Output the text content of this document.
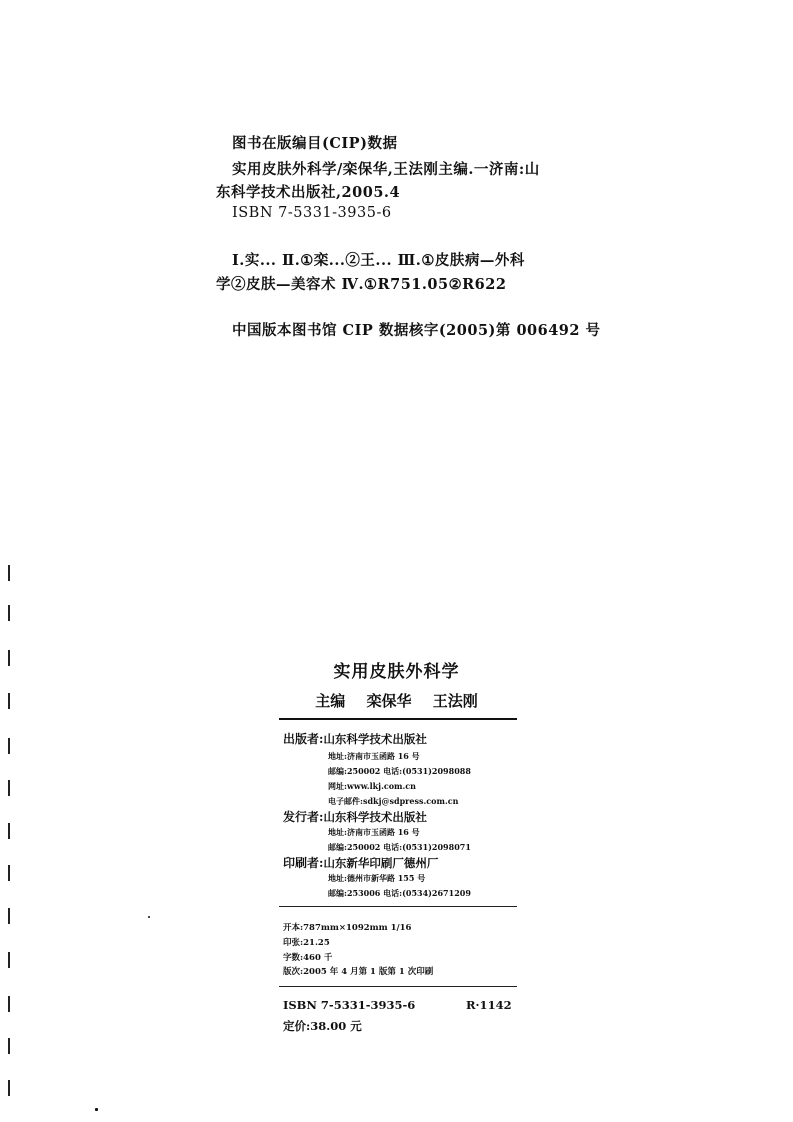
图书在版编目(CIP)数据
实用皮肤外科学/栾保华,王法刚主编.一济南:山
东科学技术出版社,2005.4
ISBN 7-5331-3935-6
Ⅰ.实... Ⅱ.①栾...②王... Ⅲ.①皮肤病—外科
学②皮肤—美容术 Ⅳ.①R751.05②R622
中国版本图书馆 CIP 数据核字(2005)第 006492 号
实用皮肤外科学
主编 栾保华 王法刚
出版者:山东科学技术出版社
地址:济南市玉函路 16 号
邮编:250002 电话:(0531)2098088
网址:www.lkj.com.cn
电子邮件:sdkj@sdpress.com.cn
发行者:山东科学技术出版社
地址:济南市玉函路 16 号
邮编:250002 电话:(0531)2098071
印刷者:山东新华印刷厂德州厂
地址:德州市新华路 155 号
邮编:253006 电话:(0534)2671209
开本:787mm×1092mm 1/16
印张:21.25
字数:460 千
版次:2005 年 4 月第 1 版第 1 次印刷
ISBN 7-5331-3935-6	R·1142
定价:38.00 元
